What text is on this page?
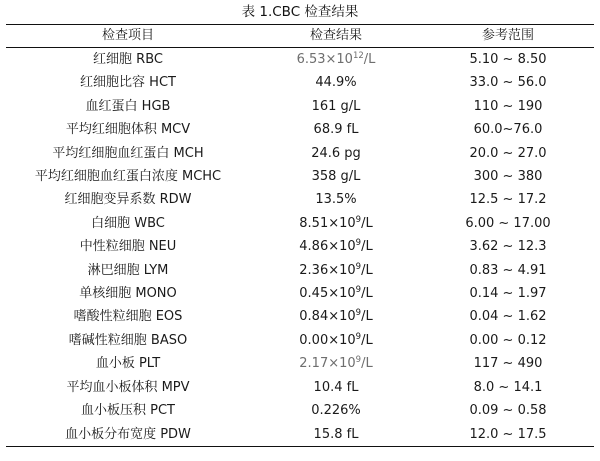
表 1.CBC 检查结果
检查项目	检查结果	参考范围
红细胞 RBC	$6.53\times 10^{12}/L$	5.10 ~ 8.50
红细胞比容 HCT	44.9%	33.0 ~ 56.0
血红蛋白 HGB	161 g/L	110 ~ 190
平均红细胞体积 MCV	68.9 fL	60.0~76.0
平均红细胞血红蛋白 MCH	24.6 pg	20.0 ~ 27.0
平均红细胞血红蛋白浓度 MCHC	358 g/L	300 ~ 380
红细胞变异系数 RDW	13.5%	12.5 ~ 17.2
白细胞 WBC	$8.51\times 10^9/L$	6.00 ~ 17.00
中性粒细胞 NEU	$4.86\times 10^9/L$	3.62 ~ 12.3
淋巴细胞 LYM	$2.36\times 10^9/L$	0.83 ~ 4.91
单核细胞 MONO	$0.45\times 10^9/L$	0.14 ~ 1.97
嗜酸性粒细胞 EOS	$0.84\times 10^9/L$	0.04 ~ 1.62
嗜碱性粒细胞 BASO	$0.00\times 10^9/L$	0.00 ~ 0.12
血小板 PLT	$2.17\times 10^9/L$	117 ~ 490
平均血小板体积 MPV	10.4 fL	8.0 ~ 14.1
血小板压积 PCT	0.226%	0.09 ~ 0.58
血小板分布宽度 PDW	15.8 fL	12.0 ~ 17.5
